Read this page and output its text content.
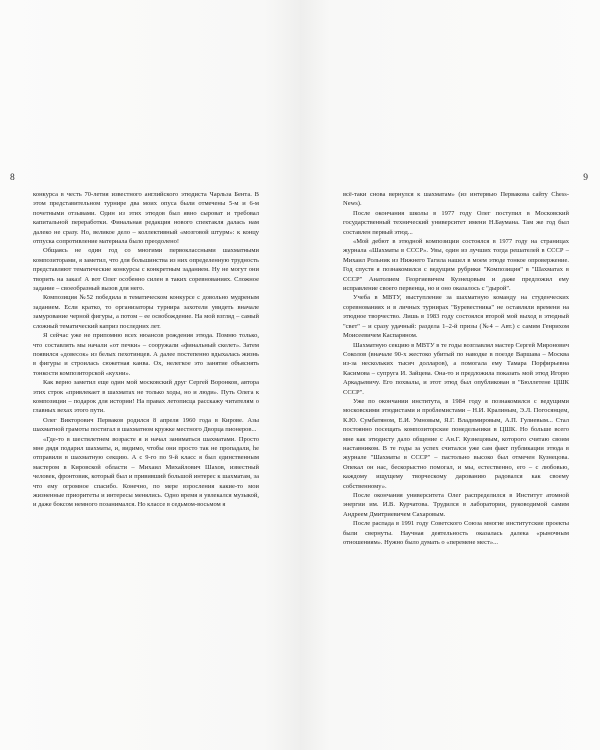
8

конкурса в честь 70-летия известного английского этюдиста Чарльза Бента. В этом представительном турнире два моих опуса были отмечены 5-м и 6-м почетными отзывами. Один из этих этюдов был явно сыроват и требовал капитальной переработки. Финальная редакция нового спектакля далась нам далеко не сразу. Но, великое дело – коллективный «мозговой штурм»: к концу отпуска сопротивление материала было преодолено!

Общаясь не один год со многими первоклассными шахматными композиторами, я заметил, что для большинства из них определенную трудность представляют тематические конкурсы с конкретным заданием. Ну не могут они творить на заказ! А вот Олег особенно силен в таких соревнованиях. Сложное задание – своеобразный вызов для него.

Композиция №52 победила в тематическом конкурсе с довольно мудреным заданием. Если кратко, то организаторы турнира захотели увидеть вначале замурование черной фигуры, а потом – ее освобождение. На мой взгляд – самый сложный тематический каприз последних лет.

Я сейчас уже не припомню всех нюансов рождения этюда. Помню только, что составлять мы начали «от печки» – сооружали «финальный скелет». Затем появился «довесок» из белых пехотинцев. А далее постепенно вдыхалась жизнь в фигуры и строилась сюжетная канва. Ох, нелегкое это занятие объяснять тонкости композиторской «кухни».

Как верно заметил еще один мой московский друг Сергей Воронков, автора этих строк «привлекает в шахматах не только ходы, но и люди». Путь Олега к композиции – подарок для истории! На правах летописца расскажу читателям о главных вехах этого пути.

Олег Викторович Перваков родился 8 апреля 1960 года в Кирове. Азы шахматной грамоты постигал в шахматном кружке местного Дворца пионеров...

«Где-то в шестилетнем возрасте я и начал заниматься шахматами. Просто мне дядя подарил шахматы, и, видимо, чтобы они просто так не пропадали, he отправили в шахматную секцию. А с 9-го по 9-й класс я был единственным мастером в Кировской области – Михаил Михайлович Шахов, известный человек, фронтовик, который был и прививший большой интерес к шахматам, за что ему огромное спасибо. Конечно, по мере взросления какие-то мои жизненные приоритеты и интересы менялись. Одно время я увлекался музыкой, и даже боксом немного позанимался. Но классе в седьмом-восьмом я

9

всё-таки снова вернулся к шахматам» (из интервью Первакова сайту Chess-News).

После окончания школы в 1977 году Олег поступил в Московский государственный технический университет имени Н.Баумана. Там же год был составлен первый этюд...

«Мой дебют в этюдной композиции состоялся в 1977 году на страницах журнала «Шахматы в СССР». Увы, один из лучших тогда решателей в СССР – Михаил Рольник из Нижнего Тагила нашел в моем этюде тонкое опровержение. Год спустя я познакомился с ведущим рубрики "Композиция" в "Шахматах в СССР" Анатолием Георгиевичем Кузнецовым и даже предложил ему исправление своего первенца, но и оно оказалось с "дырой".

Учеба в МВТУ, выступление за шахматную команду на студенческих соревнованиях и в личных турнирах "Буревестника" не оставляли времени на этюдное творчество. Лишь в 1983 году состоялся второй мой выход в этюдный "свет" – и сразу удачный: раздела 1–2-й призы (№4 – Авт.) с самим Генрихом Моисеевичем Каспаряном.

Шахматную секцию в МВТУ в те годы возглавлял мастер Сергей Миронович Соколов (вначале 90-х жестоко убитый по наводке в поезде Варшава – Москва из-за нескольких тысяч долларов), а помогала ему Тамара Порфирьевна Касимова – супруга И. Зайцева. Она-то и предложила показать мой этюд Игорю Аркадьевичу. Его похвалы, и этот этюд был опубликован в "Бюллетене ЦШК СССР".

Уже по окончании института, в 1984 году я познакомился с ведущими московскими этюдистами и проблемистами – Н.И. Кралиным, Э.Л. Погосянцем, К.Ю. Сумбатяном, Е.И. Умновым, Я.Г. Владимировым, А.П. Гулиевым... Стал постоянно посещать композиторские понедельники в ЦШК. Но больше всего мне как этюдисту дало общение с Ан.Г. Кузнецовым, которого считаю своим наставником. В те годы за успех считался уже сам факт публикации этюда в журнале "Шахматы в СССР" – пастольно высоко был отмечен Кузнецова. Опекал он нас, бескорыстно помогал, и мы, естественно, его – с любовью, каждому ищущему творческому дарованию радовался как своему собственному».

После окончания университета Олег распределился в Институт атомной энергии им. И.В. Курчатова. Трудился в лаборатории, руководимой самим Андреем Дмитриевичем Сахаровым.

После распада в 1991 году Советского Союза многие институтские проекты были свернуты. Научная деятельность оказалась далека «рыночным отношениям». Нужно было думать о «перемене мест»...
